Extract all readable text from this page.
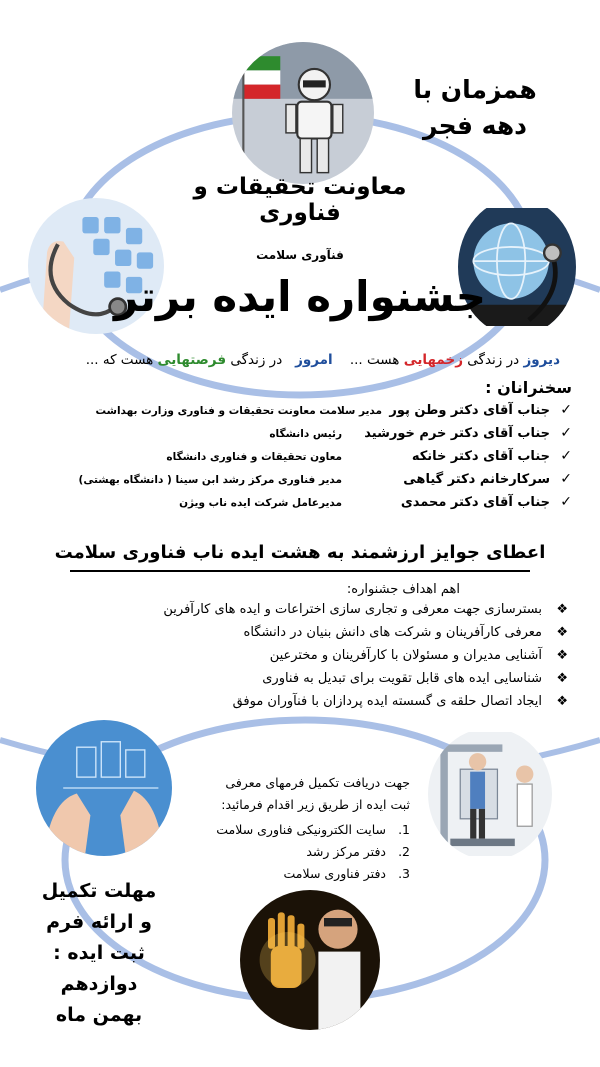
همزمان با
دهه فجر
معاونت تحقیقات و فناوری
فنآوری سلامت
جشنواره ایده برتر
دیروز در زندگی زخمهایی هست ...    امروز   در زندگی فرصتهایی هست که ...
سخنرانان :
✓
جناب آقای دکتر وطن پور
مدیر سلامت معاونت تحقیقات و فناوری وزارت بهداشت
✓
جناب آقای دکتر خرم خورشید
رئیس دانشگاه
✓
جناب آقای دکتر خانکه
معاون تحقیقات و فناوری دانشگاه
✓
سرکارخانم دکتر گیاهی
مدیر فناوری مرکز رشد ابن سینا ( دانشگاه بهشتی)
✓
جناب آقای دکتر محمدی
مدیرعامل شرکت ایده ناب ویژن
اعطای جوایز ارزشمند به هشت ایده ناب فناوری سلامت
اهم اهداف جشنواره:
❖
بسترسازی جهت معرفی و تجاری سازی اختراعات و ایده های کارآفرین
❖
معرفی کارآفرینان و شرکت های دانش بنیان در دانشگاه
❖
آشنایی مدیران و مسئولان با کارآفرینان و مخترعین
❖
شناسایی ایده های قابل تقویت برای تبدیل به فناوری
❖
ایجاد اتصال حلقه ی گسسته ایده پردازان با فنآوران موفق
جهت دریافت تکمیل فرمهای معرفی
ثبت ایده از طریق زیر اقدام فرمائید:
1.
سایت الکترونیکی فناوری سلامت
2.
دفتر مرکز رشد
3.
دفتر فناوری سلامت
مهلت تکمیل
و ارائه فرم
ثبت ایده :
دوازدهم
بهمن ماه
